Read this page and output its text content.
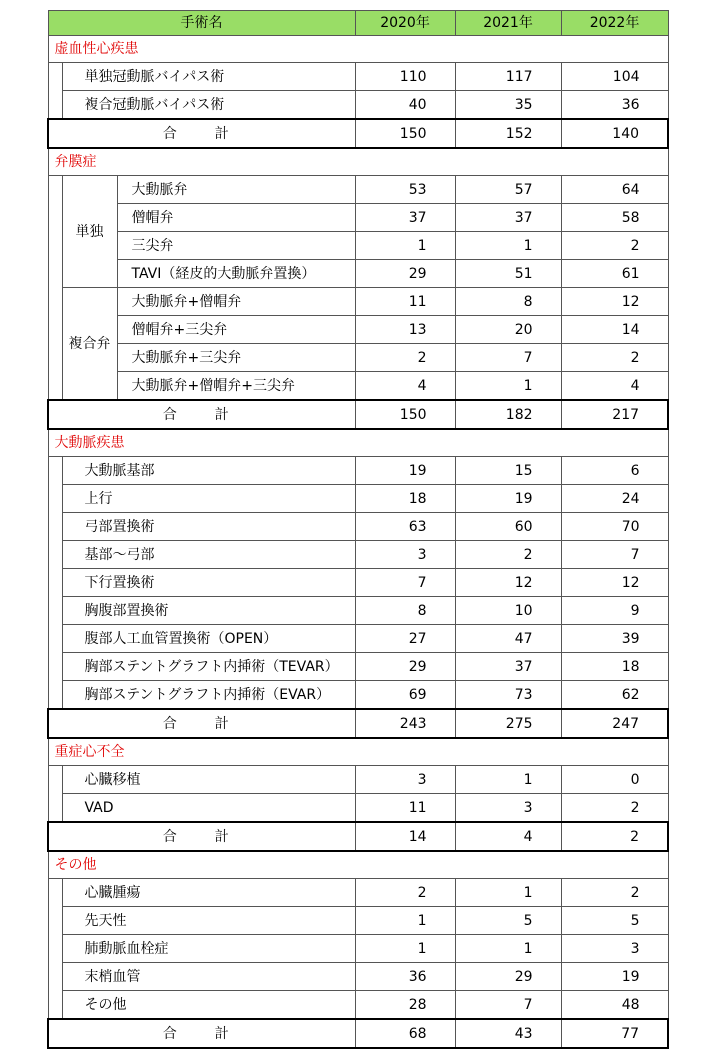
手術名			2020年	2021年	2022年
虚血性心疾患					
	単独冠動脈バイパス術		110	117	104
	複合冠動脈バイパス術		40	35	36
合　計			150	152	140
弁膜症					
	単独	大動脈弁	53	57	64
		僧帽弁	37	37	58
		三尖弁	1	1	2
		TAVI（経皮的大動脈弁置換）	29	51	61
	複合弁	大動脈弁+僧帽弁	11	8	12
		僧帽弁+三尖弁	13	20	14
		大動脈弁+三尖弁	2	7	2
		大動脈弁+僧帽弁+三尖弁	4	1	4
合　計			150	182	217
大動脈疾患					
	大動脈基部		19	15	6
	上行		18	19	24
	弓部置換術		63	60	70
	基部～弓部		3	2	7
	下行置換術		7	12	12
	胸腹部置換術		8	10	9
	腹部人工血管置換術（OPEN）		27	47	39
	胸部ステントグラフト内挿術（TEVAR）		29	37	18
	胸部ステントグラフト内挿術（EVAR）		69	73	62
合　計			243	275	247
重症心不全					
	心臓移植		3	1	0
	VAD		11	3	2
合　計			14	4	2
その他					
	心臓腫瘍		2	1	2
	先天性		1	5	5
	肺動脈血栓症		1	1	3
	末梢血管		36	29	19
	その他		28	7	48
合　計			68	43	77
